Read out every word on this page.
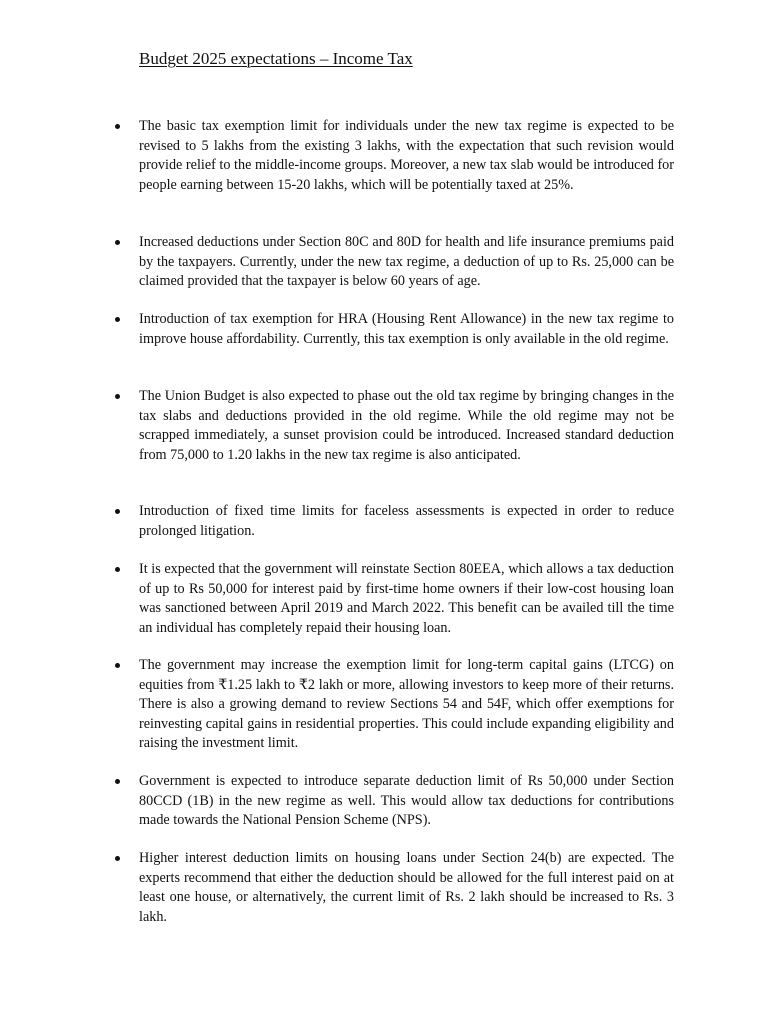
Budget 2025 expectations – Income Tax
The basic tax exemption limit for individuals under the new tax regime is expected to be revised to 5 lakhs from the existing 3 lakhs, with the expectation that such revision would provide relief to the middle-income groups. Moreover, a new tax slab would be introduced for people earning between 15-20 lakhs, which will be potentially taxed at 25%.
Increased deductions under Section 80C and 80D for health and life insurance premiums paid by the taxpayers. Currently, under the new tax regime, a deduction of up to Rs. 25,000 can be claimed provided that the taxpayer is below 60 years of age.
Introduction of tax exemption for HRA (Housing Rent Allowance) in the new tax regime to improve house affordability. Currently, this tax exemption is only available in the old regime.
The Union Budget is also expected to phase out the old tax regime by bringing changes in the tax slabs and deductions provided in the old regime. While the old regime may not be scrapped immediately, a sunset provision could be introduced. Increased standard deduction from 75,000 to 1.20 lakhs in the new tax regime is also anticipated.
Introduction of fixed time limits for faceless assessments is expected in order to reduce prolonged litigation.
It is expected that the government will reinstate Section 80EEA, which allows a tax deduction of up to Rs 50,000 for interest paid by first-time home owners if their low-cost housing loan was sanctioned between April 2019 and March 2022. This benefit can be availed till the time an individual has completely repaid their housing loan.
The government may increase the exemption limit for long-term capital gains (LTCG) on equities from ₹1.25 lakh to ₹2 lakh or more, allowing investors to keep more of their returns. There is also a growing demand to review Sections 54 and 54F, which offer exemptions for reinvesting capital gains in residential properties. This could include expanding eligibility and raising the investment limit.
Government is expected to introduce separate deduction limit of Rs 50,000 under Section 80CCD (1B) in the new regime as well. This would allow tax deductions for contributions made towards the National Pension Scheme (NPS).
Higher interest deduction limits on housing loans under Section 24(b) are expected. The experts recommend that either the deduction should be allowed for the full interest paid on at least one house, or alternatively, the current limit of Rs. 2 lakh should be increased to Rs. 3 lakh.
